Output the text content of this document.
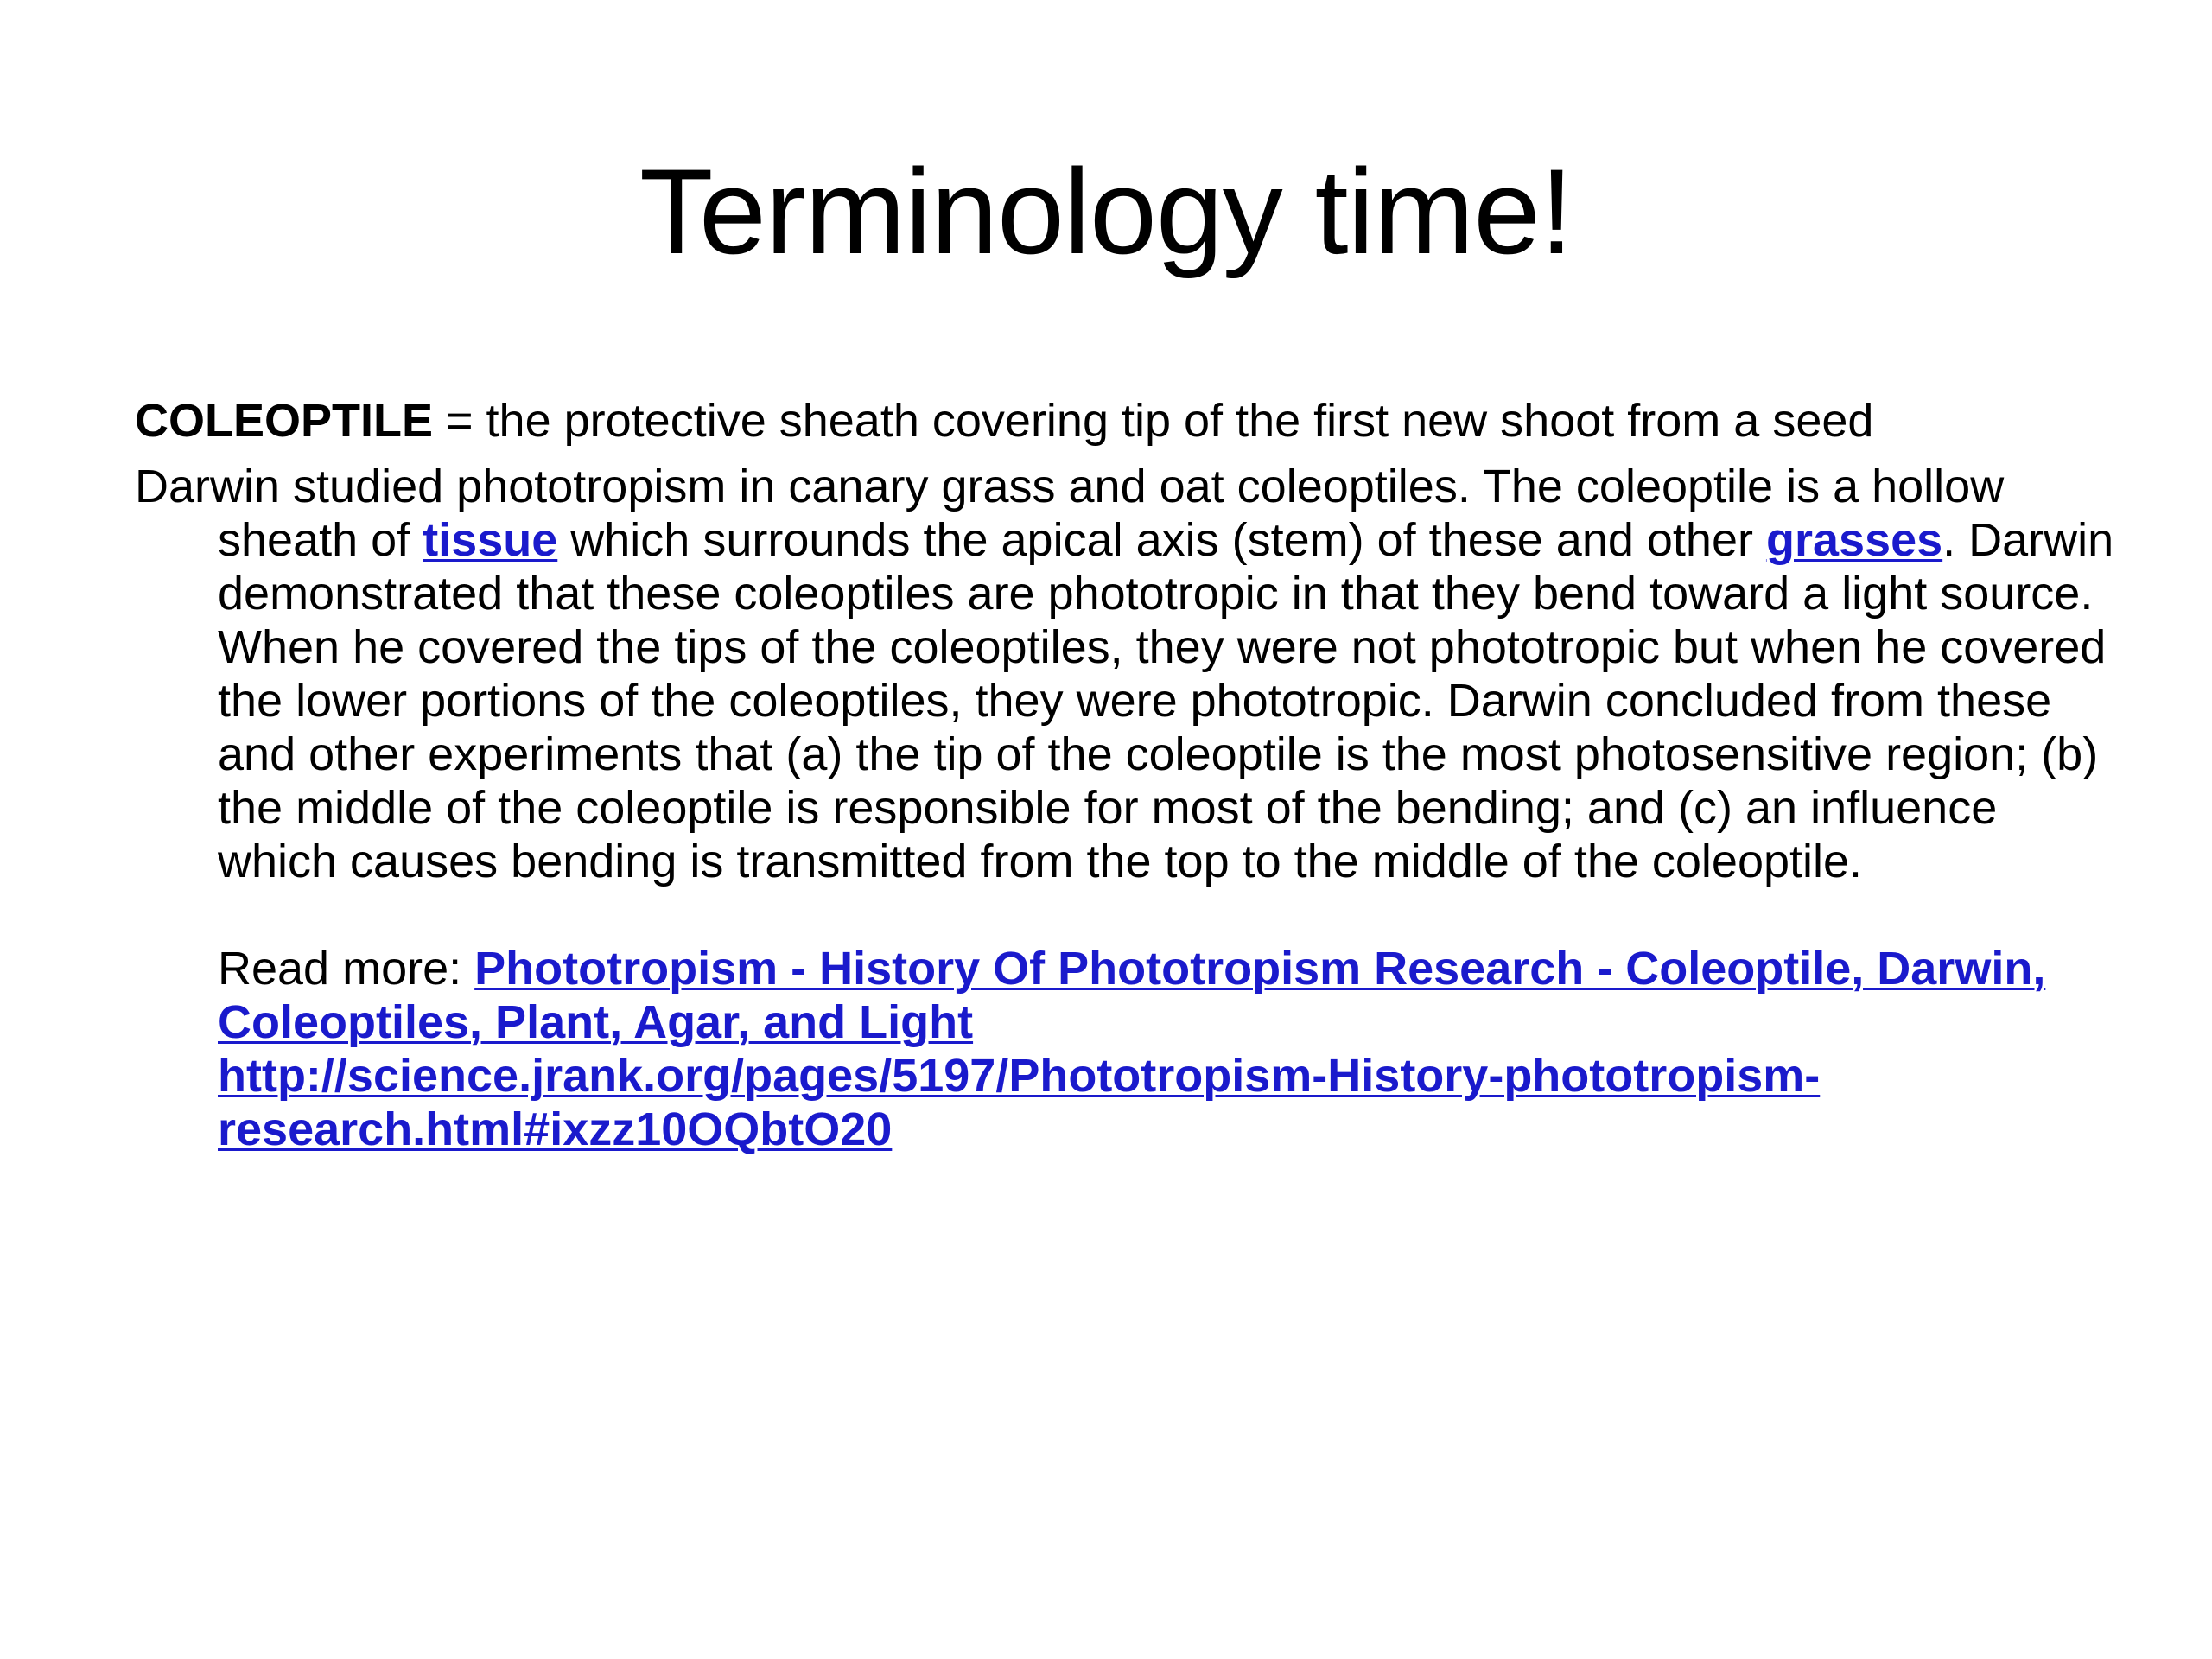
Terminology time!

COLEOPTILE = the protective sheath covering tip of the first new shoot from a seed

Darwin studied phototropism in canary grass and oat coleoptiles. The coleoptile is a hollow sheath of tissue which surrounds the apical axis (stem) of these and other grasses. Darwin demonstrated that these coleoptiles are phototropic in that they bend toward a light source. When he covered the tips of the coleoptiles, they were not phototropic but when he covered the lower portions of the coleoptiles, they were phototropic. Darwin concluded from these and other experiments that (a) the tip of the coleoptile is the most photosensitive region; (b) the middle of the coleoptile is responsible for most of the bending; and (c) an influence which causes bending is transmitted from the top to the middle of the coleoptile.

Read more: Phototropism - History Of Phototropism Research - Coleoptile, Darwin, Coleoptiles, Plant, Agar, and Light
http://science.jrank.org/pages/5197/Phototropism-History-phototropism-research.html#ixzz10OQbtO20
